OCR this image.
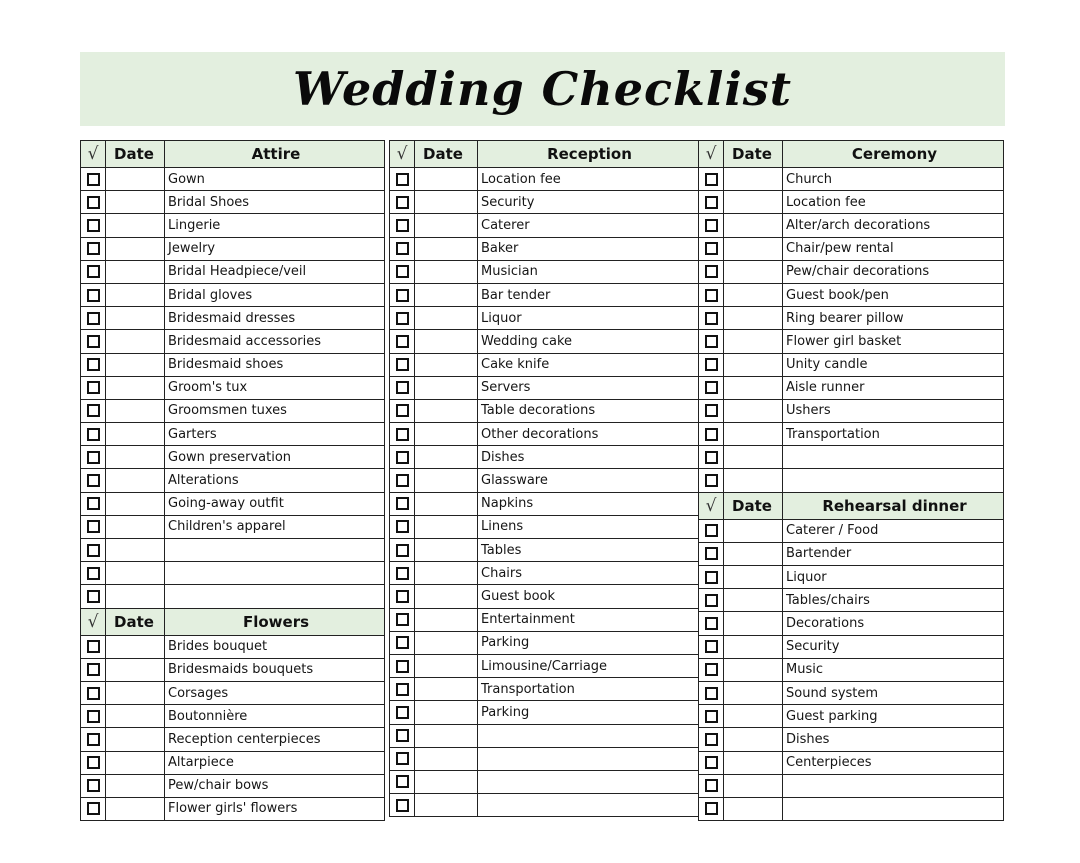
Wedding Checklist
√	Date	Attire
		Gown
		Bridal Shoes
		Lingerie
		Jewelry
		Bridal Headpiece/veil
		Bridal gloves
		Bridesmaid dresses
		Bridesmaid accessories
		Bridesmaid shoes
		Groom's tux
		Groomsmen tuxes
		Garters
		Gown preservation
		Alterations
		Going-away outfit
		Children's apparel

√	Date	Flowers
		Brides bouquet
		Bridesmaids bouquets
		Corsages
		Boutonnière
		Reception centerpieces
		Altarpiece
		Pew/chair bows
		Flower girls' flowers
√	Date	Reception
		Location fee
		Security
		Caterer
		Baker
		Musician
		Bar tender
		Liquor
		Wedding cake
		Cake knife
		Servers
		Table decorations
		Other decorations
		Dishes
		Glassware
		Napkins
		Linens
		Tables
		Chairs
		Guest book
		Entertainment
		Parking
		Limousine/Carriage
		Transportation
		Parking

√	Date	Ceremony
		Church
		Location fee
		Alter/arch decorations
		Chair/pew rental
		Pew/chair decorations
		Guest book/pen
		Ring bearer pillow
		Flower girl basket
		Unity candle
		Aisle runner
		Ushers
		Transportation

√	Date	Rehearsal dinner
		Caterer / Food
		Bartender
		Liquor
		Tables/chairs
		Decorations
		Security
		Music
		Sound system
		Guest parking
		Dishes
		Centerpieces
